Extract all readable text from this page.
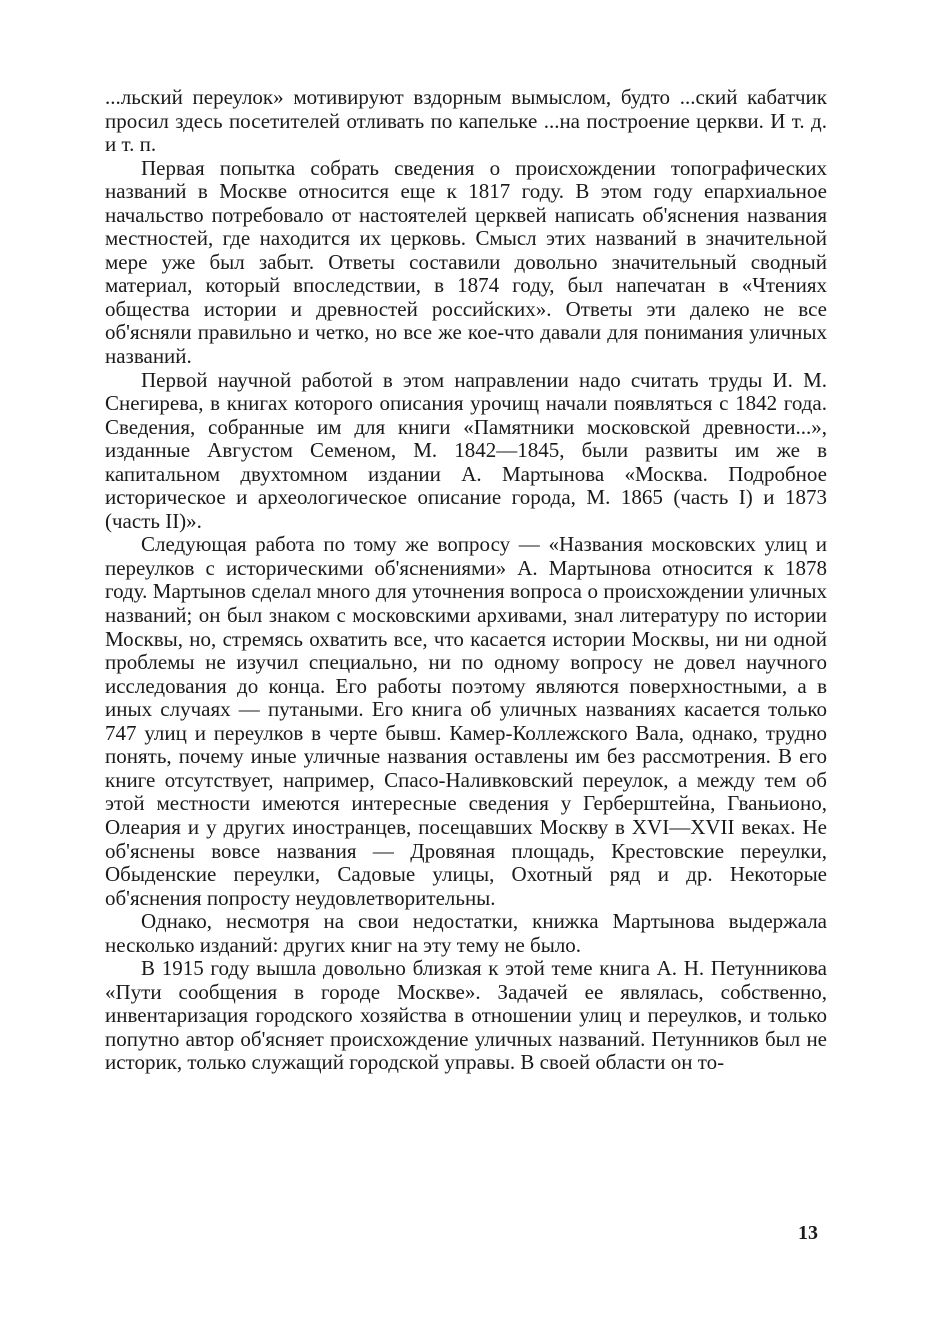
...льский переулок» мотивируют вздорным вымыслом, будто ...ский кабатчик просил здесь посетителей отливать по капельке ...на построение церкви. И т. д. и т. п.

Первая попытка собрать сведения о происхождении топографических названий в Москве относится еще к 1817 году. В этом году епархиальное начальство потребовало от настоятелей церквей написать об'яснения названия местностей, где находится их церковь. Смысл этих названий в значительной мере уже был забыт. Ответы составили довольно значительный сводный материал, который впоследствии, в 1874 году, был напечатан в «Чтениях общества истории и древностей российских». Ответы эти далеко не все об'ясняли правильно и четко, но все же кое-что давали для понимания уличных названий.

Первой научной работой в этом направлении надо считать труды И. М. Снегирева, в книгах которого описания урочищ начали появляться с 1842 года. Сведения, собранные им для книги «Памятники московской древности...», изданные Августом Семеном, М. 1842—1845, были развиты им же в капитальном двухтомном издании А. Мартынова «Москва. Подробное историческое и археологическое описание города, М. 1865 (часть I) и 1873 (часть II)».

Следующая работа по тому же вопросу — «Названия московских улиц и переулков с историческими об'яснениями» А. Мартынова относится к 1878 году. Мартынов сделал много для уточнения вопроса о происхождении уличных названий; он был знаком с московскими архивами, знал литературу по истории Москвы, но, стремясь охватить все, что касается истории Москвы, ни ни одной проблемы не изучил специально, ни по одному вопросу не довел научного исследования до конца. Его работы поэтому являются поверхностными, а в иных случаях — путаными. Его книга об уличных названиях касается только 747 улиц и переулков в черте бывш. Камер-Коллежского Вала, однако, трудно понять, почему иные уличные названия оставлены им без рассмотрения. В его книге отсутствует, например, Спасо-Наливковский переулок, а между тем об этой местности имеются интересные сведения у Герберштейна, Гваньионо, Олеария и у других иностранцев, посещавших Москву в XVI—XVII веках. Не об'яснены вовсе названия — Дровяная площадь, Крестовские переулки, Обыденские переулки, Садовые улицы, Охотный ряд и др. Некоторые об'яснения попросту неудовлетворительны.

Однако, несмотря на свои недостатки, книжка Мартынова выдержала несколько изданий: других книг на эту тему не было.

В 1915 году вышла довольно близкая к этой теме книга А. Н. Петунникова «Пути сообщения в городе Москве». Задачей ее являлась, собственно, инвентаризация городского хозяйства в отношении улиц и переулков, и только попутно автор об'ясняет происхождение уличных названий. Петунников был не историк, только служащий городской управы. В своей области он то-

13
